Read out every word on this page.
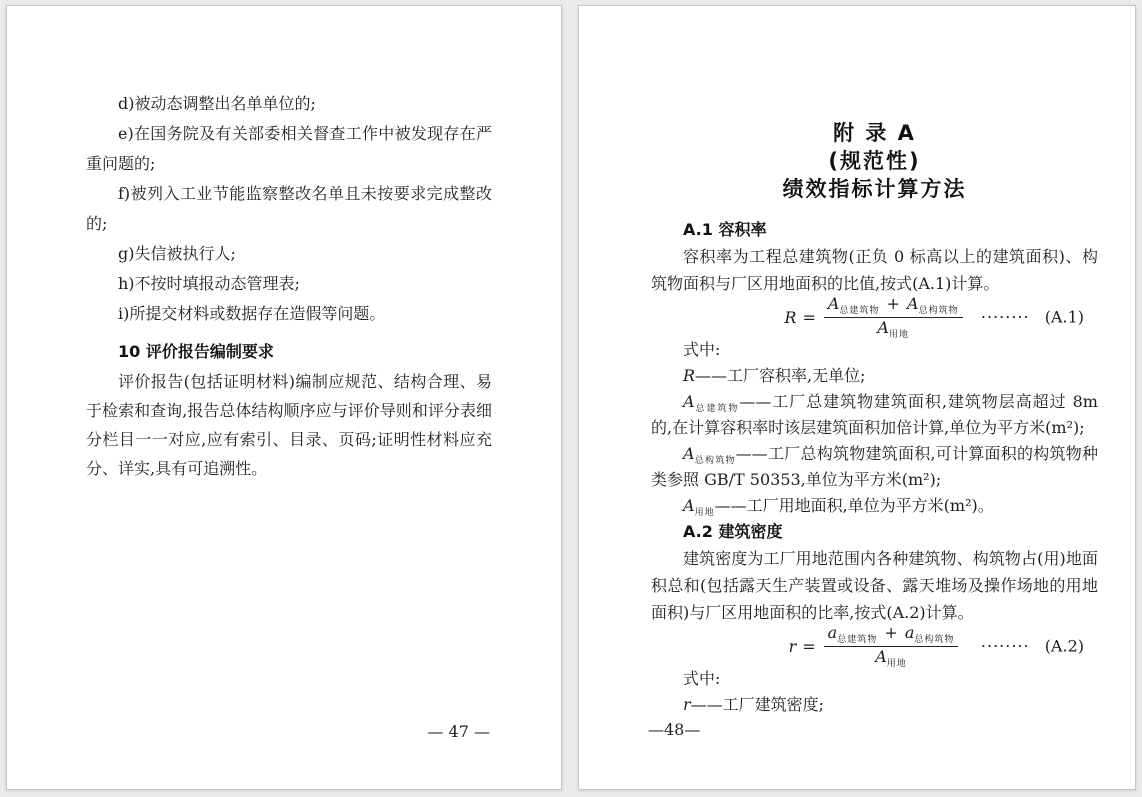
d)被动态调整出名单单位的;

e)在国务院及有关部委相关督查工作中被发现存在严重问题的;

f)被列入工业节能监察整改名单且未按要求完成整改的;

g)失信被执行人;

h)不按时填报动态管理表;

i)所提交材料或数据存在造假等问题。

10 评价报告编制要求

评价报告(包括证明材料)编制应规范、结构合理、易于检索和查询,报告总体结构顺序应与评价导则和评分表细分栏目一一对应,应有索引、目录、页码;证明性材料应充分、详实,具有可追溯性。

— 47 —

附 录 A

(规范性)

绩效指标计算方法

A.1 容积率

容积率为工程总建筑物(正负 0 标高以上的建筑面积)、构筑物面积与厂区用地面积的比值,按式(A.1)计算。

$R = \frac{A_{总建筑物} + A_{总构筑物}}{A_{用地}}$ ········ (A.1)

式中:

R——工厂容积率,无单位;

$A_{总建筑物}——$工厂总建筑物建筑面积,建筑物层高超过 8m 的,在计算容积率时该层建筑面积加倍计算,单位为平方米(m²);

$A_{总构筑物}——$工厂总构筑物建筑面积,可计算面积的构筑物种类参照 GB/T 50353,单位为平方米(m²);

$A_{用地}——$工厂用地面积,单位为平方米(m²)。

A.2 建筑密度

建筑密度为工厂用地范围内各种建筑物、构筑物占(用)地面积总和(包括露天生产装置或设备、露天堆场及操作场地的用地面积)与厂区用地面积的比率,按式(A.2)计算。

$r = \frac{a_{总建筑物} + a_{总构筑物}}{A_{用地}}$ ········ (A.2)

式中:

r——工厂建筑密度;

—48—
